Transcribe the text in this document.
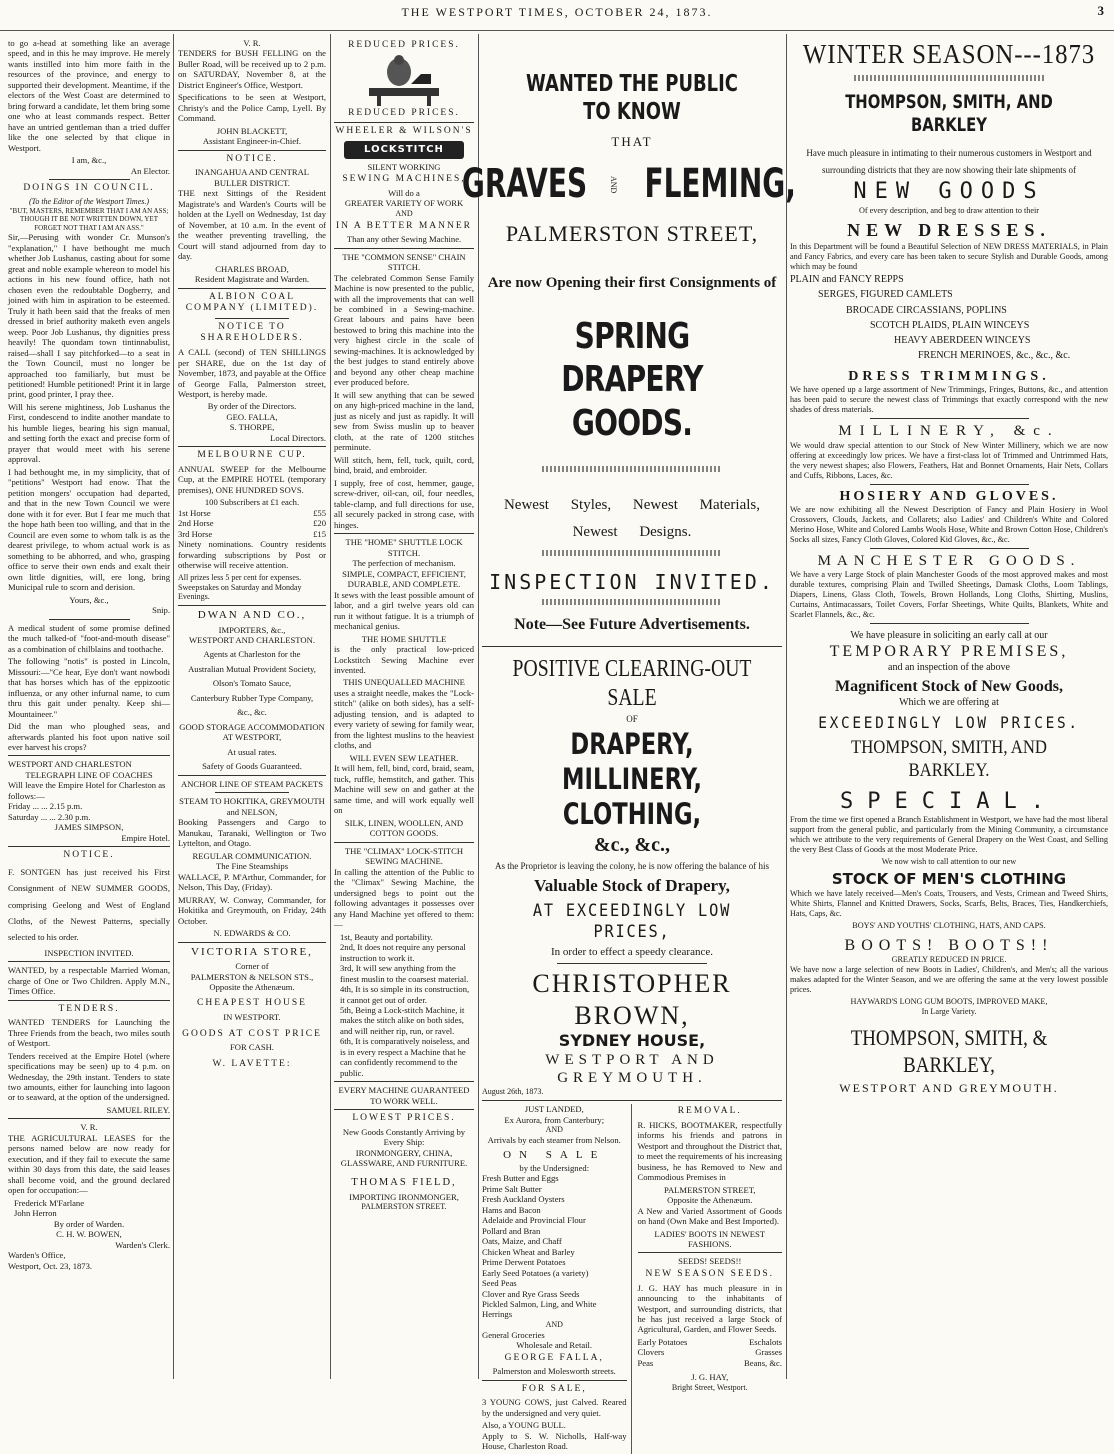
THE WESTPORT TIMES, OCTOBER 24, 1873.	3

to go a-head at something like an average speed, and in this he may improve. He merely wants instilled into him more faith in the resources of the province, and energy to supported their development. Meantime, if the electors of the West Coast are determined to bring forward a candidate, let them bring some one who at least commands respect. Better have an untried gentleman than a tried duffer like the one selected by that clique in Westport.

I am, &c.,
An Elector.
DOINGS IN COUNCIL.
(To the Editor of the Westport Times.)
"BUT, MASTERS, REMEMBER THAT I AM AN ASS; THOUGH IT BE NOT WRITTEN DOWN, YET FORGET NOT THAT I AM AN ASS."

Sir,—Perusing with wonder Cr. Munson's "explanation," I have bethought me much whether Job Lushanus, casting about for some great and noble example whereon to model his actions in his new found office, hath not chosen even the redoubtable Dogberry, and joined with him in aspiration to be esteemed. Truly it hath been said that the freaks of men dressed in brief authority maketh even angels weep. Poor Job Lushanus, thy dignities press heavily! The quondam town tintinnabulist, raised—shall I say pitchforked—to a seat in the Town Council, must no longer be approached too familiarly, but must be petitioned! Humble petitioned! Print it in large print, good printer, I pray thee.

Will his serene mightiness, Job Lushanus the First, condescend to indite another mandate to his humble lieges, bearing his sign manual, and setting forth the exact and precise form of prayer that would meet with his serene approval.

I had bethought me, in my simplicity, that of "petitions" Westport had enow. That the petition mongers' occupation had departed, and that in the new Town Council we were done with it for ever. But I fear me much that the hope hath been too willing, and that in the Council are even some to whom talk is as the dearest privilege, to whom actual work is as something to be abhorred, and who, grasping office to serve their own ends and exalt their own little dignities, will, ere long, bring Municipal rule to scorn and derision.

Yours, &c.,
Snip.

A medical student of some promise defined the much talked-of "foot-and-mouth disease" as a combination of chilblains and toothache.

The following "notis" is posted in Lincoln, Missouri:—"Ce hear, Eye don't want nowbodi that has horses which has of the eppizootic influenza, or any other infurnal name, to cum thru this gait under penalty. Keep shi—Mountaineer."

Did the man who ploughed seas, and afterwards planted his foot upon native soil ever harvest his crops?

WESTPORT AND CHARLESTON
TELEGRAPH LINE OF COACHES
Will leave the Empire Hotel for Charleston as follows:—
Friday ... ... 2.15 p.m.
Saturday ... ... 2.30 p.m.
JAMES SIMPSON,
Empire Hotel.
NOTICE.

F. SONTGEN has just received his First Consignment of NEW SUMMER GOODS, comprising Geelong and West of England Cloths, of the Newest Patterns, specially selected to his order.

INSPECTION INVITED.

WANTED, by a respectable Married Woman, charge of One or Two Children. Apply M.N., Times Office.

TENDERS.

WANTED TENDERS for Launching the Three Friends from the beach, two miles south of Westport.

Tenders received at the Empire Hotel (where specifications may be seen) up to 4 p.m. on Wednesday, the 29th instant. Tenders to state two amounts, either for launching into lagoon or to seaward, at the option of the undersigned.

SAMUEL RILEY.
V. R.

THE AGRICULTURAL LEASES for the persons named below are now ready for execution, and if they fail to execute the same within 30 days from this date, the said leases shall become void, and the ground declared open for occupation:—

Frederick M'Farlane
John Herron
By order of Warden.
C. H. W. BOWEN,
Warden's Clerk.
Warden's Office,
Westport, Oct. 23, 1873.
V. R.

TENDERS for BUSH FELLING on the Buller Road, will be received up to 2 p.m. on SATURDAY, November 8, at the District Engineer's Office, Westport.

Specifications to be seen at Westport, Christy's and the Police Camp, Lyell. By Command.

JOHN BLACKETT,
Assistant Engineer-in-Chief.
NOTICE.
INANGAHUA AND CENTRAL BULLER DISTRICT.

THE next Sittings of the Resident Magistrate's and Warden's Courts will be holden at the Lyell on Wednesday, 1st day of November, at 10 a.m. In the event of the weather preventing travelling, the Court will stand adjourned from day to day.

CHARLES BROAD,
Resident Magistrate and Warden.
ALBION COAL COMPANY (LIMITED).
NOTICE TO SHAREHOLDERS.

A CALL (second) of TEN SHILLINGS per SHARE, due on the 1st day of November, 1873, and payable at the Office of George Falla, Palmerston street, Westport, is hereby made.

By order of the Directors.
GEO. FALLA,
S. THORPE,
Local Directors.
MELBOURNE CUP.

ANNUAL SWEEP for the Melbourne Cup, at the EMPIRE HOTEL (temporary premises), ONE HUNDRED SOVS.

100 Subscribers at £1 each.
1st Horse	£55
2nd Horse	£20
3rd Horse	£15

Ninety nominations. Country residents forwarding subscriptions by Post or otherwise will receive attention.

All prizes less 5 per cent for expenses.
Sweepstakes on Saturday and Monday Evenings.
DWAN AND CO.,
IMPORTERS, &c.,
WESTPORT AND CHARLESTON.
Agents at Charleston for the
Australian Mutual Provident Society,
Olson's Tomato Sauce,
Canterbury Rubber Type Company,
&c., &c.
GOOD STORAGE ACCOMMODATION AT WESTPORT,
At usual rates.
Safety of Goods Guaranteed.
ANCHOR LINE OF STEAM PACKETS
STEAM TO HOKITIKA, GREYMOUTH and NELSON,

Booking Passengers and Cargo to Manukau, Taranaki, Wellington or Two Lyttelton, and Otago.

REGULAR COMMUNICATION.
The Fine Steamships

WALLACE, P. M'Arthur, Commander, for Nelson, This Day, (Friday).

MURRAY, W. Conway, Commander, for Hokitika and Greymouth, on Friday, 24th October.

N. EDWARDS & CO.
VICTORIA STORE,
Corner of
PALMERSTON & NELSON STS.,
Opposite the Athenæum.
CHEAPEST HOUSE
IN WESTPORT.
GOODS AT COST PRICE
FOR CASH.
W. LAVETTE:
REDUCED PRICES.
REDUCED PRICES.
WHEELER & WILSON'S
LOCKSTITCH
SILENT WORKING
SEWING MACHINES,
Will do a
GREATER VARIETY OF WORK
AND
IN A BETTER MANNER
Than any other Sewing Machine.
THE "COMMON SENSE" CHAIN STITCH.

The celebrated Common Sense Family Machine is now presented to the public, with all the improvements that can well be combined in a Sewing-machine. Great labours and pains have been bestowed to bring this machine into the very highest circle in the scale of sewing-machines. It is acknowledged by the best judges to stand entirely above and beyond any other cheap machine ever produced before.

It will sew anything that can be sewed on any high-priced machine in the land, just as nicely and just as rapidly. It will sew from Swiss muslin up to beaver cloth, at the rate of 1200 stitches perminute.

Will stitch, hem, fell, tuck, quilt, cord, bind, braid, and embroider.

I supply, free of cost, hemmer, gauge, screw-driver, oil-can, oil, four needles, table-clamp, and full directions for use, all securely packed in strong case, with hinges.

THE "HOME" SHUTTLE LOCK STITCH.
The perfection of mechanism.
SIMPLE, COMPACT, EFFICIENT, DURABLE, AND COMPLETE.

It sews with the least possible amount of labor, and a girl twelve years old can run it without fatigue. It is a triumph of mechanical genius.

THE HOME SHUTTLE

is the only practical low-priced Lockstitch Sewing Machine ever invented.

THIS UNEQUALLED MACHINE

uses a straight needle, makes the "Lock-stitch" (alike on both sides), has a self-adjusting tension, and is adapted to every variety of sewing for family wear, from the lightest muslins to the heaviest cloths, and

WILL EVEN SEW LEATHER.

It will hem, fell, bind, cord, braid, seam, tuck, ruffle, hemstitch, and gather. This Machine will sew on and gather at the same time, and will work equally well on

SILK, LINEN, WOOLLEN, AND COTTON GOODS.
THE "CLIMAX" LOCK-STITCH SEWING MACHINE.

In calling the attention of the Public to the "Climax" Sewing Machine, the undersigned begs to point out the following advantages it possesses over any Hand Machine yet offered to them:—

1st, Beauty and portability.
2nd, It does not require any personal instruction to work it.
3rd, It will sew anything from the finest muslin to the coarsest material.
4th, It is so simple in its construction, it cannot get out of order.
5th, Being a Lock-stitch Machine, it makes the stitch alike on both sides, and will neither rip, run, or ravel.
6th, It is comparatively noiseless, and is in every respect a Machine that he can confidently recommend to the public.
EVERY MACHINE GUARANTEED TO WORK WELL.
LOWEST PRICES.
New Goods Constantly Arriving by Every Ship:
IRONMONGERY, CHINA, GLASSWARE, AND FURNITURE.
THOMAS FIELD,
IMPORTING IRONMONGER,
PALMERSTON STREET.
WANTED THE PUBLIC TO KNOW
THAT
GRAVES	AND FLEMING,
PALMERSTON STREET,
Are now Opening their first Consignments of
SPRING DRAPERY GOODS.
Newest Styles, Newest Materials, Newest Designs.
INSPECTION INVITED.
Note—See Future Advertisements.
POSITIVE CLEARING-OUT SALE
OF
DRAPERY, MILLINERY, CLOTHING,
&c., &c.,
As the Proprietor is leaving the colony, he is now offering the balance of his
Valuable Stock of Drapery,
AT EXCEEDINGLY LOW PRICES,
In order to effect a speedy clearance.
CHRISTOPHER BROWN,
SYDNEY HOUSE,
WESTPORT AND GREYMOUTH.
August 26th, 1873.
JUST LANDED,
Ex Aurora, from Canterbury;
AND
Arrivals by each steamer from Nelson.
ON SALE
by the Undersigned:
Fresh Butter and Eggs
Prime Salt Butter
Fresh Auckland Oysters
Hams and Bacon
Adelaide and Provincial Flour
Pollard and Bran
Oats, Maize, and Chaff
Chicken Wheat and Barley
Prime Derwent Potatoes
Early Seed Potatoes (a variety)
Seed Peas
Clover and Rye Grass Seeds
Pickled Salmon, Ling, and White Herrings
AND
General Groceries
Wholesale and Retail.
GEORGE FALLA,
Palmerston and Molesworth streets.
FOR SALE,

3 YOUNG COWS, just Calved. Reared by the undersigned and very quiet.

Also, a YOUNG BULL.

Apply to S. W. Nicholls, Half-way House, Charleston Road.

REMOVAL.

R. HICKS, BOOTMAKER, respectfully informs his friends and patrons in Westport and throughout the District that, to meet the requirements of his increasing business, he has Removed to New and Commodious Premises in

PALMERSTON STREET,
Opposite the Athenæum.

A New and Varied Assortment of Goods on hand (Own Make and Best Imported).

LADIES' BOOTS IN NEWEST FASHIONS.
SEEDS! SEEDS!!
NEW SEASON SEEDS.

J. G. HAY has much pleasure in in announcing to the inhabitants of Westport, and surrounding districts, that he has just received a large Stock of Agricultural, Garden, and Flower Seeds.

Early Potatoes	Eschalots
Clovers	Grasses
Peas	Beans, &c.
J. G. HAY,
Bright Street, Westport.
WINTER SEASON---1873
THOMPSON, SMITH, AND BARKLEY
Have much pleasure in intimating to their numerous customers in Westport and surrounding districts that they are now showing their late shipments of
NEW GOODS
Of every description, and beg to draw attention to their
NEW DRESSES.

In this Department will be found a Beautiful Selection of NEW DRESS MATERIALS, in Plain and Fancy Fabrics, and every care has been taken to secure Stylish and Durable Goods, among which may be found

PLAIN and FANCY REPPS
SERGES, FIGURED CAMLETS
BROCADE CIRCASSIANS, POPLINS
SCOTCH PLAIDS, PLAIN WINCEYS
HEAVY ABERDEEN WINCEYS
FRENCH MERINOES, &c., &c., &c.
DRESS TRIMMINGS.

We have opened up a large assortment of New Trimmings, Fringes, Buttons, &c., and attention has been paid to secure the newest class of Trimmings that exactly correspond with the new shades of dress materials.

MILLINERY, &c.

We would draw special attention to our Stock of New Winter Millinery, which we are now offering at exceedingly low prices. We have a first-class lot of Trimmed and Untrimmed Hats, the very newest shapes; also Flowers, Feathers, Hat and Bonnet Ornaments, Hair Nets, Collars and Cuffs, Ribbons, Laces, &c.

HOSIERY AND GLOVES.

We are now exhibiting all the Newest Description of Fancy and Plain Hosiery in Wool Crossovers, Clouds, Jackets, and Collarets; also Ladies' and Children's White and Colored Merino Hose, White and Colored Lambs Wools Hose, White and Brown Cotton Hose, Children's Socks all sizes, Fancy Cloth Gloves, Colored Kid Gloves, &c., &c.

MANCHESTER GOODS.

We have a very Large Stock of plain Manchester Goods of the most approved makes and most durable textures, comprising Plain and Twilled Sheetings, Damask Cloths, Loom Tablings, Diapers, Linens, Glass Cloth, Towels, Brown Hollands, Long Cloths, Shirting, Muslins, Curtains, Antimacassars, Toilet Covers, Forfar Sheetings, White Quilts, Blankets, White and Scarlet Flannels, &c., &c.

We have pleasure in soliciting an early call at our
TEMPORARY PREMISES,
and an inspection of the above
Magnificent Stock of New Goods,
Which we are offering at
EXCEEDINGLY LOW PRICES.
THOMPSON, SMITH, AND BARKLEY.
SPECIAL.

From the time we first opened a Branch Establishment in Westport, we have had the most liberal support from the general public, and particularly from the Mining Community, a circumstance which we attribute to the very requirements of General Drapery on the West Coast, and Selling the very Best Class of Goods at the most Moderate Price.

We now wish to call attention to our new
STOCK OF MEN'S CLOTHING

Which we have lately received—Men's Coats, Trousers, and Vests, Crimean and Tweed Shirts, White Shirts, Flannel and Knitted Drawers, Socks, Scarfs, Belts, Braces, Ties, Handkerchiefs, Hats, Caps, &c.

BOYS' AND YOUTHS' CLOTHING, HATS, AND CAPS.
BOOTS! BOOTS!!
GREATLY REDUCED IN PRICE.

We have now a large selection of new Boots in Ladies', Children's, and Men's; all the various makes adapted for the Winter Season, and we are offering the same at the very lowest possible prices.

HAYWARD'S LONG GUM BOOTS, IMPROVED MAKE,
In Large Variety.
THOMPSON, SMITH, & BARKLEY,
WESTPORT AND GREYMOUTH.
